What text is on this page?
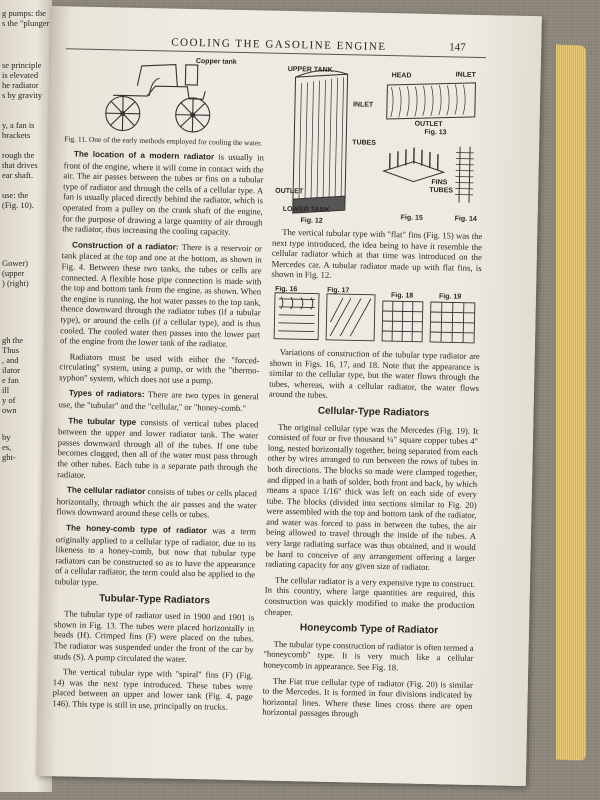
g pumps: the
s the "plunger
se principle
is elevated
he radiator
s by gravity
y, a fan is
brackets
rough the
that drives
ear shaft.
use: the
(Fig. 10).
Gower)
(upper
) (right)
gh the
Thus
, and
ilator
e fan
ill
y of
own
by
es,
ght-
COOLING THE GASOLINE ENGINE	147
Copper tank

Fig. 11. One of the early methods employed for cooling the water.

The location of a modern radiator is usually in front of the engine, where it will come in contact with the air. The air passes between the tubes or fins on a tubular type of radiator and through the cells of a cellular type. A fan is usually placed directly behind the radiator, which is operated from a pulley on the crank shaft of the engine, for the purpose of drawing a large quantity of air through the radiator, thus increasing the cooling capacity.

Construction of a radiator: There is a reservoir or tank placed at the top and one at the bottom, as shown in Fig. 4. Between these two tanks, the tubes or cells are connected. A flexible hose pipe connection is made with the top and bottom tank from the engine, as shown. When the engine is running, the hot water passes to the top tank, thence downward through the radiator tubes (if a tubular type), or around the cells (if a cellular type), and is thus cooled. The cooled water then passes into the lower part of the engine from the lower tank of the radiator.

Radiators must be used with either the "forced-circulating" system, using a pump, or with the "thermo-syphon" system, which does not use a pump.

Types of radiators: There are two types in general use, the "tubular" and the "cellular," or "honey-comb."

The tubular type consists of vertical tubes placed between the upper and lower radiator tank. The water passes downward through all of the tubes. If one tube becomes clogged, then all of the water must pass through the other tubes. Each tube is a separate path through the radiator.

The cellular radiator consists of tubes or cells placed horizontally, through which the air passes and the water flows downward around these cells or tubes.

The honey-comb type of radiator was a term originally applied to a cellular type of radiator, due to its likeness to a honey-comb, but now that tubular type radiators can be constructed so as to have the appearance of a cellular radiator, the term could also be applied to the tubular type.

Tubular-Type Radiators

The tubular type of radiator used in 1900 and 1901 is shown in Fig. 13. The tubes were placed horizontally in heads (H). Crimped fins (F) were placed on the tubes. The radiator was suspended under the front of the car by studs (S). A pump circulated the water.

The vertical tubular type with "spiral" fins (F) (Fig. 14) was the next type introduced. These tubes were placed between an upper and lower tank (Fig. 4, page 146). This type is still in use, principally on trucks.

UPPER TANK
INLET
TUBES
OUTLET
LOWER TANK
Fig. 12
HEAD	INLET
OUTLET
Fig. 13
FINS
TUBES
Fig. 15	Fig. 14

The vertical tubular type with "flat" fins (Fig. 15) was the next type introduced, the idea being to have it resemble the cellular radiator which at that time was introduced on the Mercedes car. A tubular radiator made up with flat fins, is shown in Fig. 12.

Fig. 16	Fig. 17
Fig. 18	Fig. 19

Variations of construction of the tubular type radiator are shown in Figs. 16, 17, and 18. Note that the appearance is similar to the cellular type, but the water flows through the tubes, whereas, with a cellular radiator, the water flows around the tubes.

Cellular-Type Radiators

The original cellular type was the Mercedes (Fig. 19). It consisted of four or five thousand ¼" square copper tubes 4" long, nested horizontally together, being separated from each other by wires arranged to run between the rows of tubes in both directions. The blocks so made were clamped together, and dipped in a bath of solder, both front and back, by which means a space 1/16" thick was left on each side of every tube. The blocks (divided into sections similar to Fig. 20) were assembled with the top and bottom tank of the radiator, and water was forced to pass in between the tubes, the air being allowed to travel through the inside of the tubes. A very large radiating surface was thus obtained, and it would be hard to conceive of any arrangement offering a larger radiating capacity for any given size of radiator.

The cellular radiator is a very expensive type to construct. In this country, where large quantities are required, this construction was quickly modified to make the production cheaper.

Honeycomb Type of Radiator

The tubular type construction of radiator is often termed a "honeycomb" type. It is very much like a cellular honeycomb in appearance. See Fig. 18.

The Fiat true cellular type of radiator (Fig. 20) is similar to the Mercedes. It is formed in four divisions indicated by horizontal lines. Where these lines cross there are open horizontal passages through
